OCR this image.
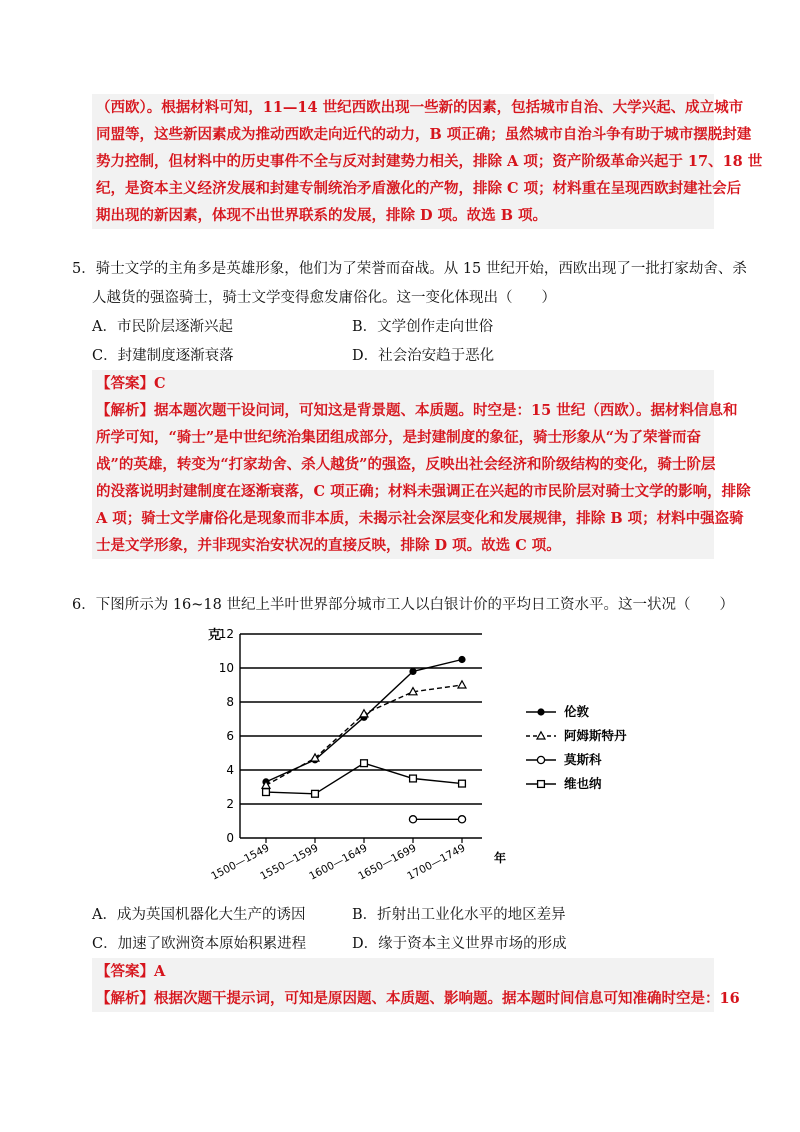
（西欧）。根据材料可知，11—14 世纪西欧出现一些新的因素，包括城市自治、大学兴起、成立城市

同盟等，这些新因素成为推动西欧走向近代的动力，B 项正确；虽然城市自治斗争有助于城市摆脱封建

势力控制，但材料中的历史事件不全与反对封建势力相关，排除 A 项；资产阶级革命兴起于 17、18 世

纪，是资本主义经济发展和封建专制统治矛盾激化的产物，排除 C 项；材料重在呈现西欧封建社会后

期出现的新因素，体现不出世界联系的发展，排除 D 项。故选 B 项。

5．骑士文学的主角多是英雄形象，他们为了荣誉而奋战。从 15 世纪开始，西欧出现了一批打家劫舍、杀
人越货的强盗骑士，骑士文学变得愈发庸俗化。这一变化体现出（　　）
A．市民阶层逐渐兴起	B．文学创作走向世俗
C．封建制度逐渐衰落	D．社会治安趋于恶化

【答案】C

【解析】据本题次题干设问词，可知这是背景题、本质题。时空是：15 世纪（西欧）。据材料信息和

所学可知，“骑士”是中世纪统治集团组成部分，是封建制度的象征，骑士形象从“为了荣誉而奋

战”的英雄，转变为“打家劫舍、杀人越货”的强盗，反映出社会经济和阶级结构的变化，骑士阶层

的没落说明封建制度在逐渐衰落，C 项正确；材料未强调正在兴起的市民阶层对骑士文学的影响，排除

A 项；骑士文学庸俗化是现象而非本质，未揭示社会深层变化和发展规律，排除 B 项；材料中强盗骑

士是文学形象，并非现实治安状况的直接反映，排除 D 项。故选 C 项。

6．下图所示为 16~18 世纪上半叶世界部分城市工人以白银计价的平均日工资水平。这一状况（　　）
0
2
4
6
8
10
12
克
1500—1549
1550—1599
1600—1649
1650—1699
1700—1749 年
伦敦
阿姆斯特丹
莫斯科
维也纳
A．成为英国机器化大生产的诱因	B．折射出工业化水平的地区差异
C．加速了欧洲资本原始积累进程	D．缘于资本主义世界市场的形成

【答案】A

【解析】根据次题干提示词，可知是原因题、本质题、影响题。据本题时间信息可知准确时空是：16
